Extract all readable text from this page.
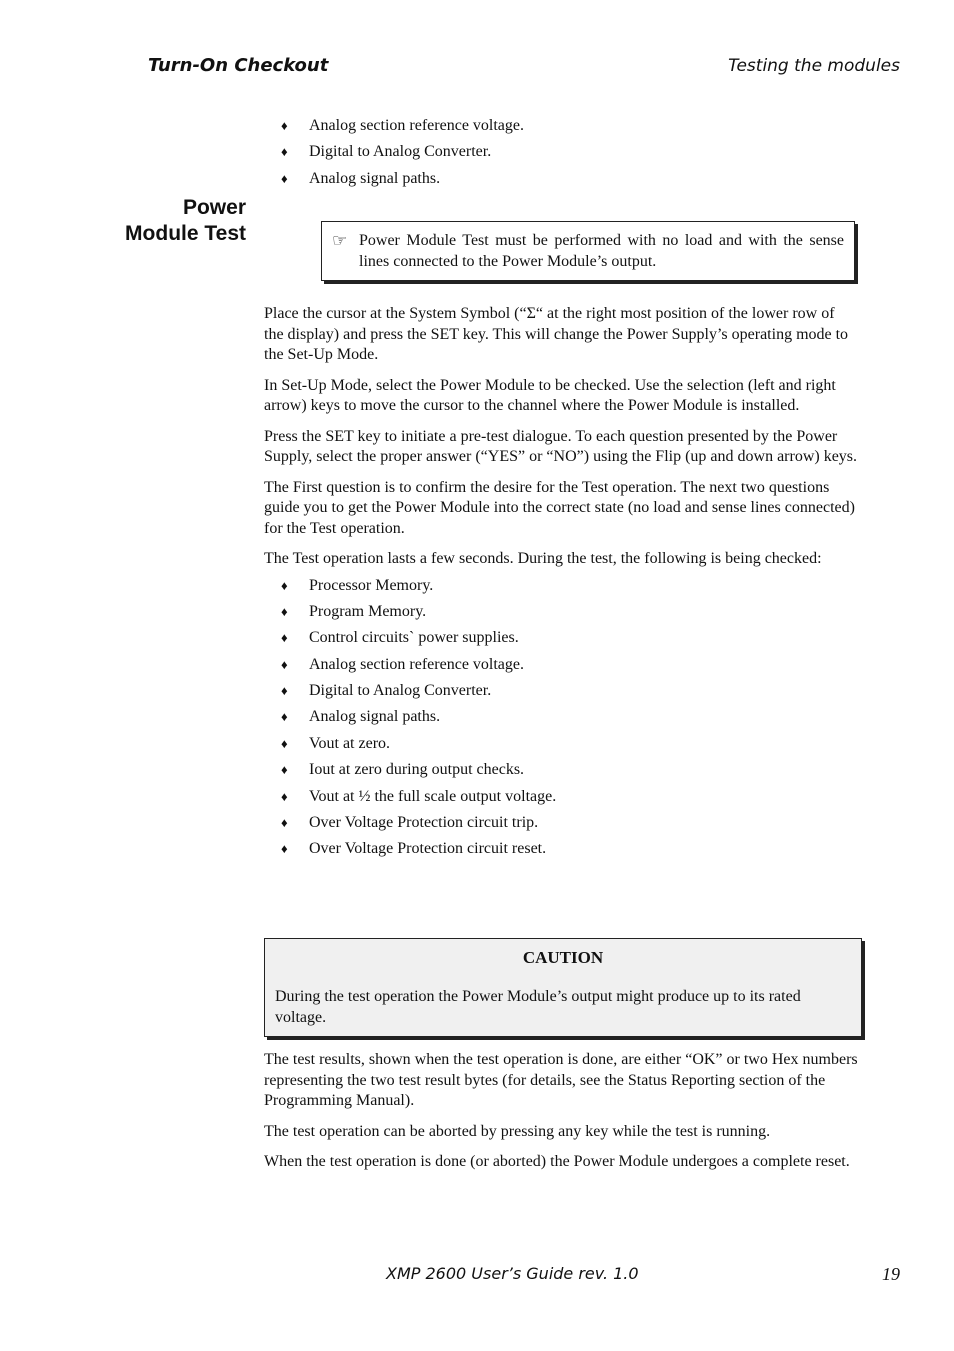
Turn-On Checkout	Testing the modules
♦ Analog section reference voltage.
♦ Digital to Analog Converter.
♦ Analog signal paths.
Power
Module Test	☞ Power Module Test must be performed with no load and with the sense lines connected to the Power Module’s output.

Place the cursor at the System Symbol (“Σ“ at the right most position of the lower row of the display) and press the SET key. This will change the Power Supply’s operating mode to the Set-Up Mode.

In Set-Up Mode, select the Power Module to be checked. Use the selection (left and right arrow) keys to move the cursor to the channel where the Power Module is installed.

Press the SET key to initiate a pre-test dialogue. To each question presented by the Power Supply, select the proper answer (“YES” or “NO”) using the Flip (up and down arrow) keys.

The First question is to confirm the desire for the Test operation. The next two questions guide you to get the Power Module into the correct state (no load and sense lines connected) for the Test operation.

The Test operation lasts a few seconds. During the test, the following is being checked:

♦ Processor Memory.
♦ Program Memory.
♦ Control circuits` power supplies.
♦ Analog section reference voltage.
♦ Digital to Analog Converter.
♦ Analog signal paths.
♦ Vout at zero.
♦ Iout at zero during output checks.
♦ Vout at ½ the full scale output voltage.
♦ Over Voltage Protection circuit trip.
♦ Over Voltage Protection circuit reset.
CAUTION
During the test operation the Power Module’s output might produce up to its rated voltage.

The test results, shown when the test operation is done, are either “OK” or two Hex numbers representing the two test result bytes (for details, see the Status Reporting section of the Programming Manual).

The test operation can be aborted by pressing any key while the test is running.

When the test operation is done (or aborted) the Power Module undergoes a complete reset.

XMP 2600 User’s Guide rev. 1.0	19
